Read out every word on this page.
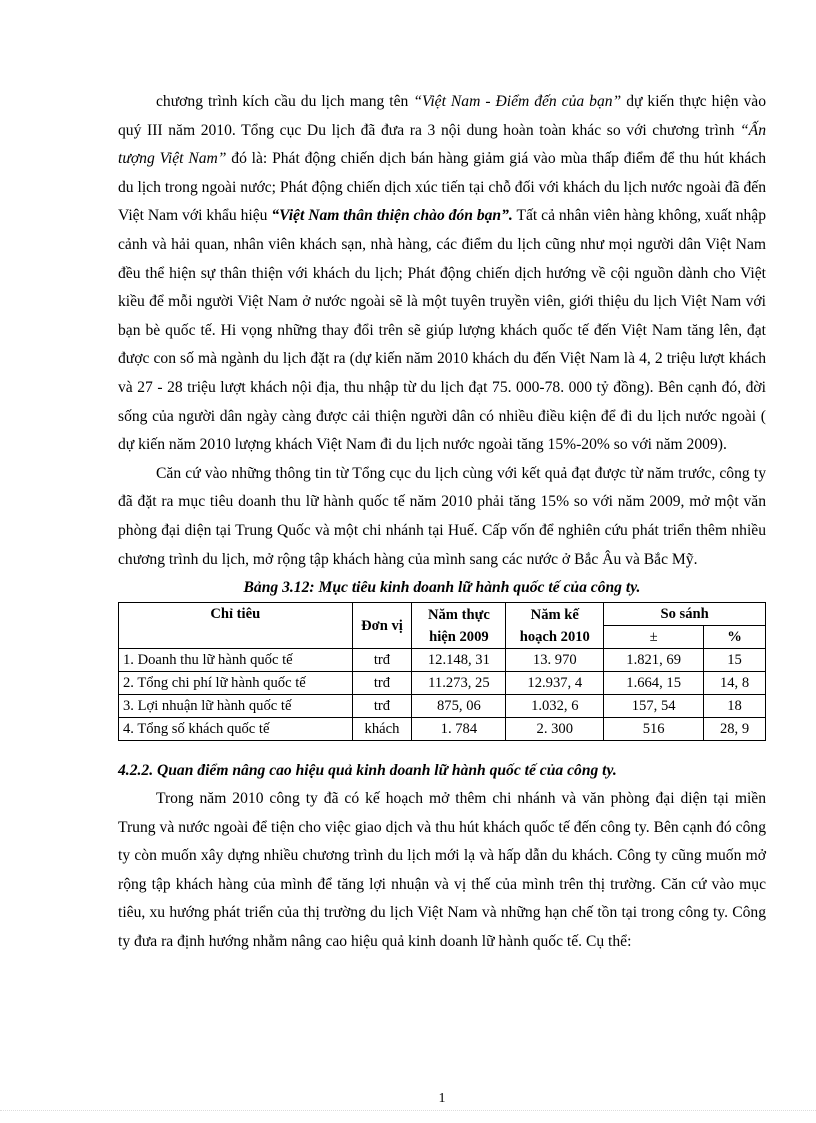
chương trình kích cầu du lịch mang tên “Việt Nam - Điểm đến của bạn” dự kiến thực hiện vào quý III năm 2010. Tổng cục Du lịch đã đưa ra 3 nội dung hoàn toàn khác so với chương trình “Ấn tượng Việt Nam” đó là: Phát động chiến dịch bán hàng giảm giá vào mùa thấp điểm để thu hút khách du lịch trong ngoài nước; Phát động chiến dịch xúc tiến tại chỗ đối với khách du lịch nước ngoài đã đến Việt Nam với khẩu hiệu “Việt Nam thân thiện chào đón bạn”. Tất cả nhân viên hàng không, xuất nhập cảnh và hải quan, nhân viên khách sạn, nhà hàng, các điểm du lịch cũng như mọi người dân Việt Nam đều thể hiện sự thân thiện với khách du lịch; Phát động chiến dịch hướng về cội nguồn dành cho Việt kiều để mỗi người Việt Nam ở nước ngoài sẽ là một tuyên truyền viên, giới thiệu du lịch Việt Nam với bạn bè quốc tế. Hi vọng những thay đổi trên sẽ giúp lượng khách quốc tế đến Việt Nam tăng lên, đạt được con số mà ngành du lịch đặt ra (dự kiến năm 2010 khách du đến Việt Nam là 4, 2 triệu lượt khách và 27 - 28 triệu lượt khách nội địa, thu nhập từ du lịch đạt 75. 000-78. 000 tỷ đồng). Bên cạnh đó, đời sống của người dân ngày càng được cải thiện người dân có nhiều điều kiện để đi du lịch nước ngoài ( dự kiến năm 2010 lượng khách Việt Nam đi du lịch nước ngoài tăng 15%-20% so với năm 2009).

Căn cứ vào những thông tin từ Tổng cục du lịch cùng với kết quả đạt được từ năm trước, công ty đã đặt ra mục tiêu doanh thu lữ hành quốc tế năm 2010 phải tăng 15% so với năm 2009, mở một văn phòng đại diện tại Trung Quốc và một chi nhánh tại Huế. Cấp vốn để nghiên cứu phát triển thêm nhiều chương trình du lịch, mở rộng tập khách hàng của mình sang các nước ở Bắc Âu và Bắc Mỹ.

Bảng 3.12: Mục tiêu kinh doanh lữ hành quốc tế của công ty.
Chỉ tiêu	Đơn vị	Năm thực hiện 2009	Năm kế hoạch 2010	So sánh	
				±	%
1. Doanh thu lữ hành quốc tế	trđ	12.148, 31	13. 970	1.821, 69	15
2. Tổng chi phí lữ hành quốc tế	trđ	11.273, 25	12.937, 4	1.664, 15	14, 8
3. Lợi nhuận lữ hành quốc tế	trđ	875, 06	1.032, 6	157, 54	18
4. Tổng số khách quốc tế	khách	1. 784	2. 300	516	28, 9
4.2.2. Quan điểm nâng cao hiệu quả kinh doanh lữ hành quốc tế của công ty.

Trong năm 2010 công ty đã có kế hoạch mở thêm chi nhánh và văn phòng đại diện tại miền Trung và nước ngoài để tiện cho việc giao dịch và thu hút khách quốc tế đến công ty. Bên cạnh đó công ty còn muốn xây dựng nhiều chương trình du lịch mới lạ và hấp dẫn du khách. Công ty cũng muốn mở rộng tập khách hàng của mình để tăng lợi nhuận và vị thế của mình trên thị trường. Căn cứ vào mục tiêu, xu hướng phát triển của thị trường du lịch Việt Nam và những hạn chế tồn tại trong công ty. Công ty đưa ra định hướng nhằm nâng cao hiệu quả kinh doanh lữ hành quốc tế. Cụ thể:

1
